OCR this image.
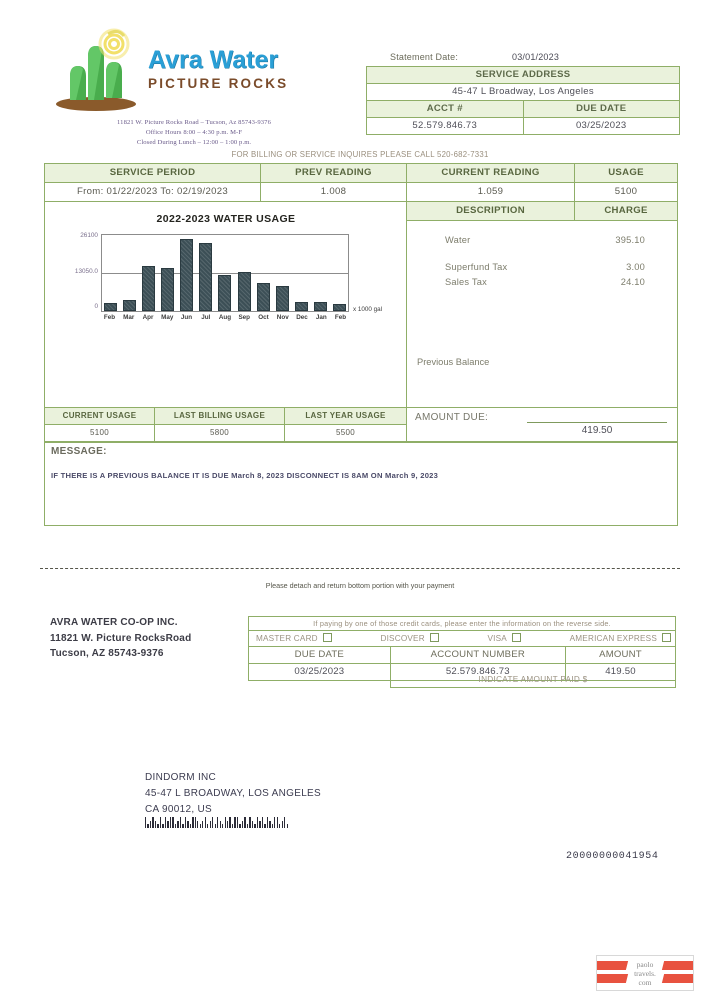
Avra Water
PICTURE ROCKS
11821 W. Picture Rocks Road – Tucson, Az 85743-9376
Office Hours 8:00 – 4:30 p.m. M-F
Closed During Lunch – 12:00 – 1:00 p.m.
Statement Date:	03/01/2023
SERVICE ADDRESS	
45-47 L Broadway, Los Angeles	
ACCT #	DUE DATE
52.579.846.73	03/25/2023
FOR BILLING OR SERVICE INQUIRES PLEASE CALL 520-682-7331
SERVICE PERIOD	PREV READING	CURRENT READING	USAGE
From: 01/22/2023 To: 02/19/2023	1.008	1.059	5100
2022-2023 WATER USAGE

26100
13050.0
0
Feb Mar Apr May Jun	Jul	Aug Sep Oct Nov Dec Jan Feb
x 1000 gal
DESCRIPTION	CHARGE
Water	395.10
Superfund Tax	3.00
Sales Tax	24.10
Previous Balance
CURRENT USAGE	LAST BILLING USAGE	LAST YEAR USAGE
5100	5800	5500
AMOUNT DUE:
419.50
MESSAGE:
IF THERE IS A PREVIOUS BALANCE IT IS DUE March 8, 2023 DISCONNECT IS 8AM ON March 9, 2023
Please detach and return bottom portion with your payment
AVRA WATER CO-OP INC.
11821 W. Picture RocksRoad
Tucson, AZ 85743-9376
If paying by one of those credit cards, please enter the information on the reverse side.		

MASTER CARD DISCOVER VISA AMERICAN EXPRESS		

DUE DATE	ACCOUNT NUMBER	AMOUNT
03/25/2023	52.579.846.73	419.50
INDICATE AMOUNT PAID $
DINDORM INC
45-47 L BROADWAY, LOS ANGELES
CA 90012, US
20000000041954
paolo
travels.
com
